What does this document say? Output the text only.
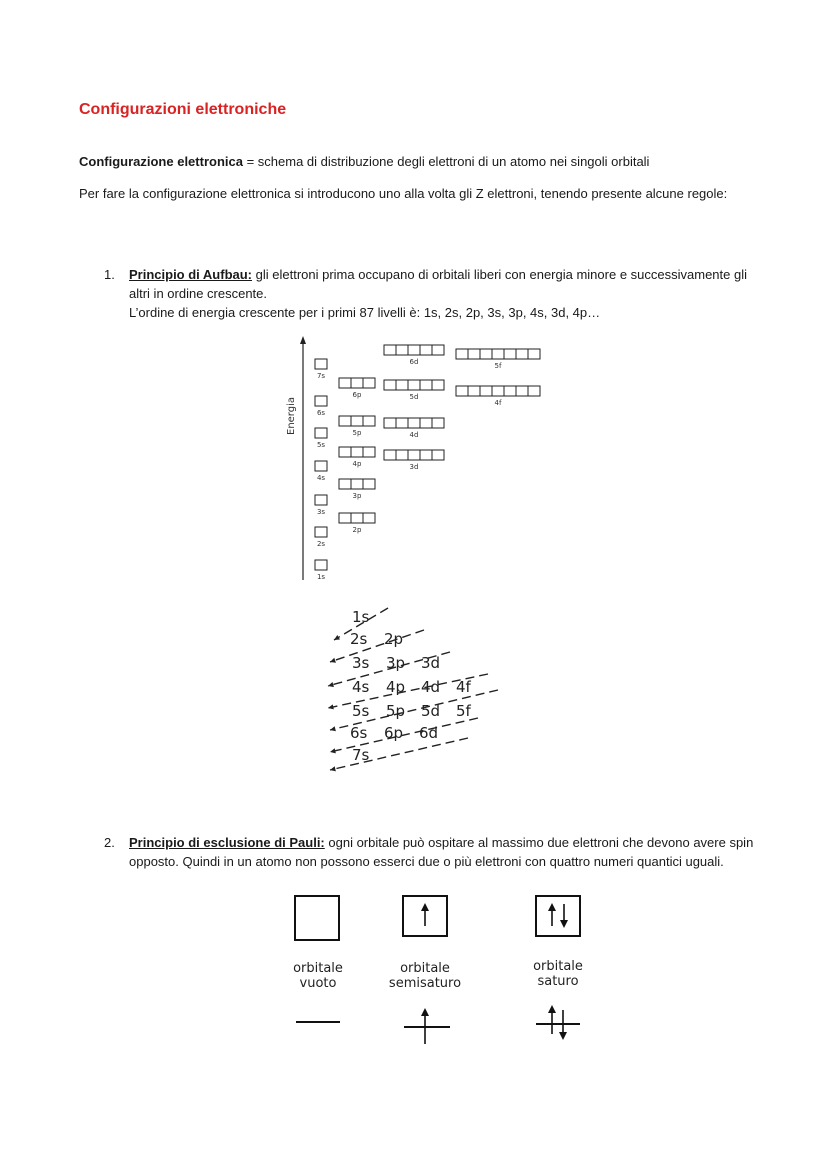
Configurazioni elettroniche
Configurazione elettronica = schema di distribuzione degli elettroni di un atomo nei singoli orbitali
Per fare la configurazione elettronica si introducono uno alla volta gli Z elettroni, tenendo presente alcune regole:
1. Principio di Aufbau: gli elettroni prima occupano di orbitali liberi con energia minore e successivamente gli altri in ordine crescente.
L’ordine di energia crescente per i primi 87 livelli è: 1s, 2s, 2p, 3s, 3p, 4s, 3d, 4p…
Energia
1s
2s
3s
4s
5s
6s
7s
2p
3p
4p
5p
6p
3d
4d
5d
6d
4f
5f
1s
2s 2p
3s 3p 3d
4s 4p 4d 4f
5s 5p 5d 5f
6s 6p 6d
7s
2. Principio di esclusione di Pauli: ogni orbitale può ospitare al massimo due elettroni che devono avere spin opposto. Quindi in un atomo non possono esserci due o più elettroni con quattro numeri quantici uguali.
orbitale
vuoto
orbitale
semisaturo
orbitale
saturo
